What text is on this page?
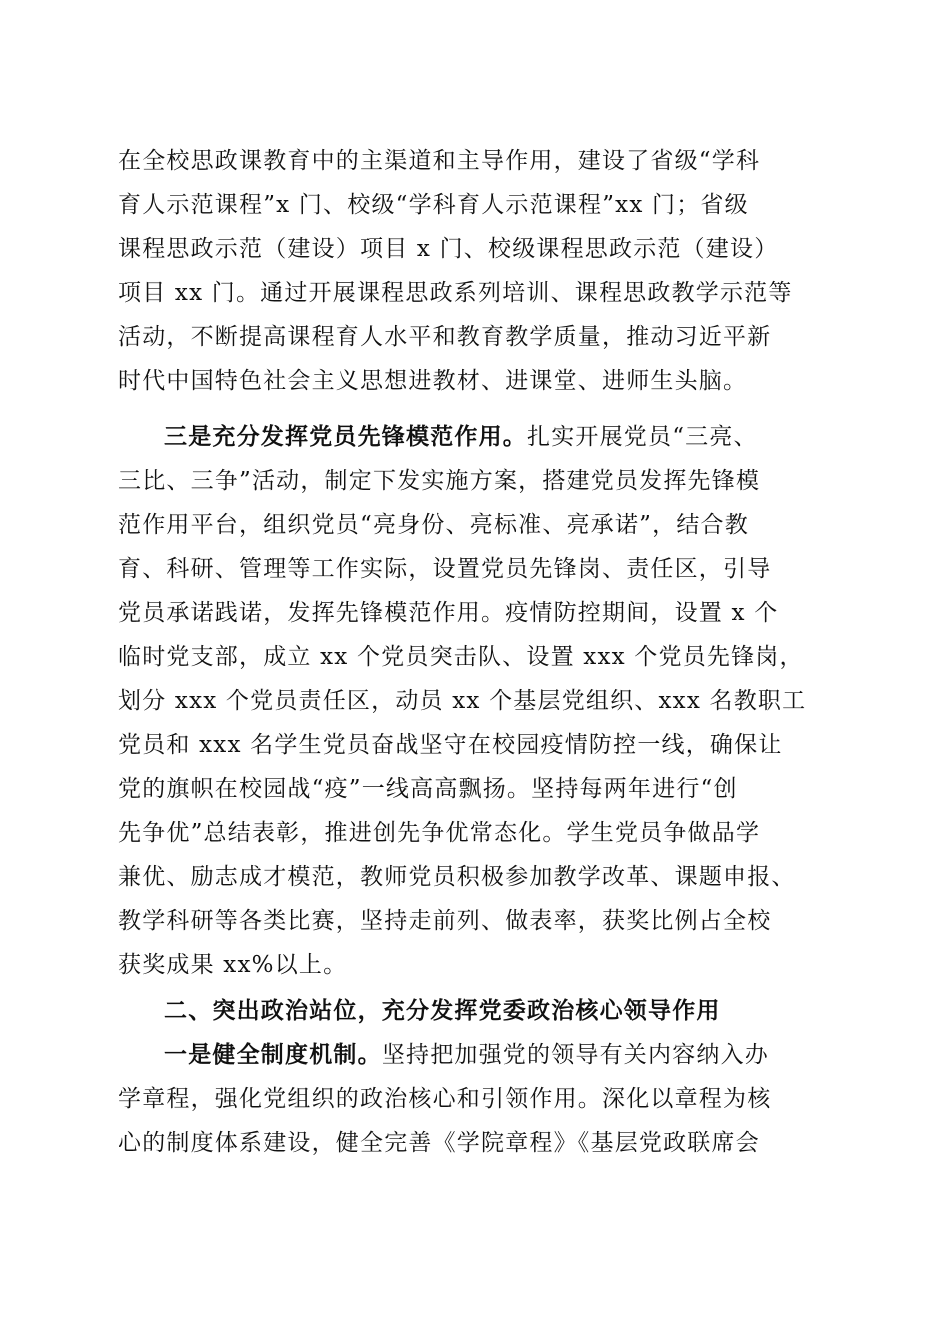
在全校思政课教育中的主渠道和主导作用，建设了省级“学科
育人示范课程”x 门、校级“学科育人示范课程”xx 门；省级
课程思政示范（建设）项目 x 门、校级课程思政示范（建设）
项目 xx 门。通过开展课程思政系列培训、课程思政教学示范等
活动，不断提高课程育人水平和教育教学质量，推动习近平新
时代中国特色社会主义思想进教材、进课堂、进师生头脑。
三是充分发挥党员先锋模范作用。扎实开展党员“三亮、
三比、三争”活动，制定下发实施方案，搭建党员发挥先锋模
范作用平台，组织党员“亮身份、亮标准、亮承诺”，结合教
育、科研、管理等工作实际，设置党员先锋岗、责任区，引导
党员承诺践诺，发挥先锋模范作用。疫情防控期间，设置 x 个
临时党支部，成立 xx 个党员突击队、设置 xxx 个党员先锋岗，
划分 xxx 个党员责任区，动员 xx 个基层党组织、xxx 名教职工
党员和 xxx 名学生党员奋战坚守在校园疫情防控一线，确保让
党的旗帜在校园战“疫”一线高高飘扬。坚持每两年进行“创
先争优”总结表彰，推进创先争优常态化。学生党员争做品学
兼优、励志成才模范，教师党员积极参加教学改革、课题申报、
教学科研等各类比赛，坚持走前列、做表率，获奖比例占全校
获奖成果 xx%以上。
二、突出政治站位，充分发挥党委政治核心领导作用
一是健全制度机制。坚持把加强党的领导有关内容纳入办
学章程，强化党组织的政治核心和引领作用。深化以章程为核
心的制度体系建设，健全完善《学院章程》《基层党政联席会
